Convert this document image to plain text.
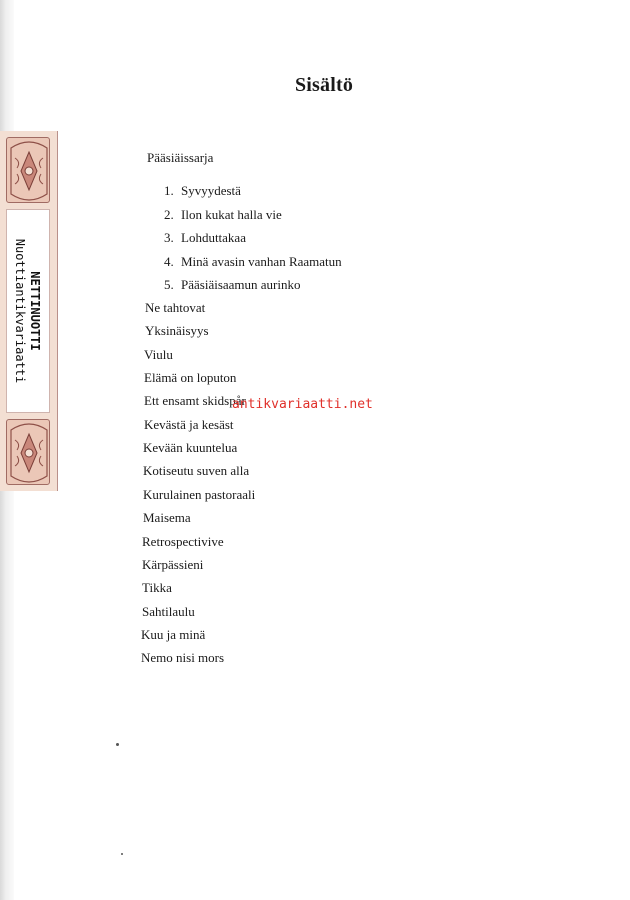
Sisältö
Pääsiäissarja
1. Syvyydestä
2. Ilon kukat halla vie
3. Lohduttakaa
4. Minä avasin vanhan Raamatun
5. Pääsiäisaamun aurinko
Ne tahtovat
Yksinäisyys
Viulu
Elämä on loputon
Ett ensamt skidspår
Kevästä ja kesäst
Kevään kuuntelua
Kotiseutu suven alla
Kurulainen pastoraali
Maisema
Retrospectivive
Kärpässieni
Tikka
Sahtilaulu
Kuu ja minä
Nemo nisi mors
NETTINUOTTI
Nuottiantikvariaatti
antikvariaatti.net
